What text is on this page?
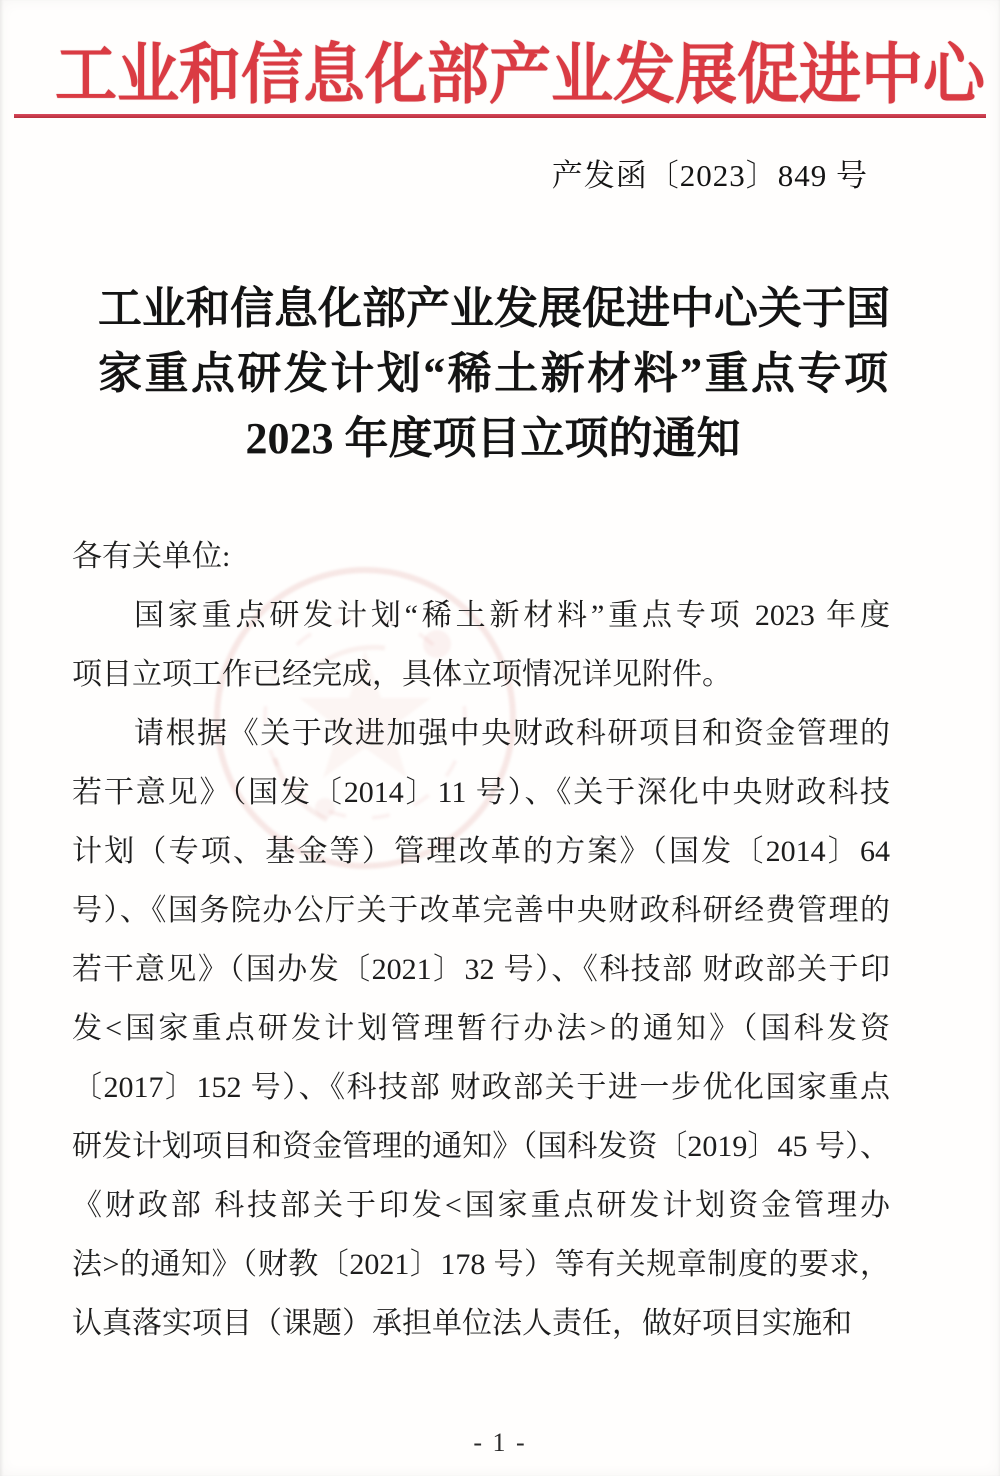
工业和信息化部产业发展促进中心
产发函〔2023〕849 号
工业和信息化部产业发展促进中心关于国
家重点研发计划“稀土新材料”重点专项
2023 年度项目立项的通知
各有关单位:
国家重点研发计划“稀土新材料”重点专项 2023 年度
项目立项工作已经完成，具体立项情况详见附件。
请根据《关于改进加强中央财政科研项目和资金管理的
若干意见》（国发〔2014〕11 号）、《关于深化中央财政科技
计划（专项、基金等）管理改革的方案》（国发〔2014〕64
号）、《国务院办公厅关于改革完善中央财政科研经费管理的
若干意见》（国办发〔2021〕32 号）、《科技部 财政部关于印
发<国家重点研发计划管理暂行办法>的通知》（国科发资
〔2017〕152 号）、《科技部 财政部关于进一步优化国家重点
研发计划项目和资金管理的通知》（国科发资〔2019〕45 号）、
《财政部 科技部关于印发<国家重点研发计划资金管理办
法>的通知》（财教〔2021〕178 号）等有关规章制度的要求，
认真落实项目（课题）承担单位法人责任，做好项目实施和
- 1 -
